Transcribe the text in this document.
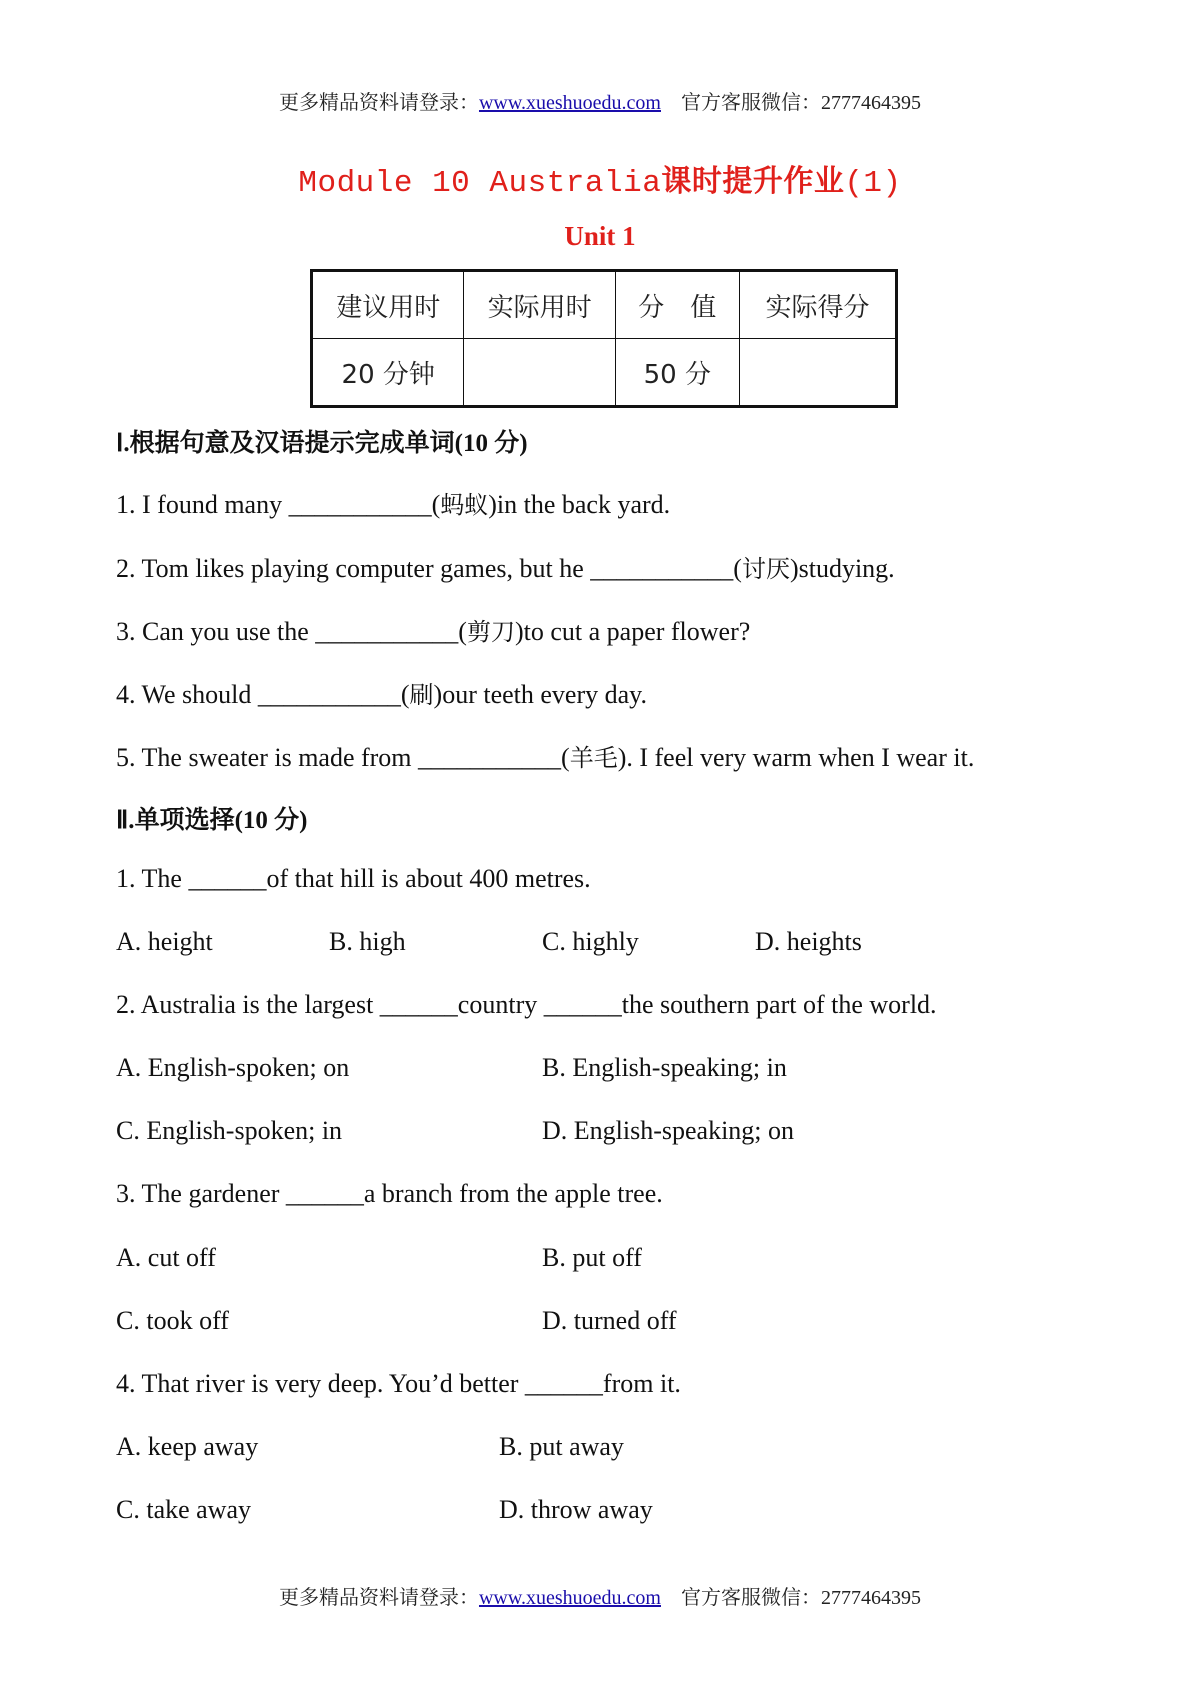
更多精品资料请登录：www.xueshuoedu.com 官方客服微信：2777464395
Module 10 Australia课时提升作业(1)
Unit 1
建议用时	实际用时	分　值	实际得分
20 分钟		50 分	
Ⅰ.根据句意及汉语提示完成单词(10 分)
1. I found many ___________(蚂蚁)in the back yard.
2. Tom likes playing computer games, but he ___________(讨厌)studying.
3. Can you use the ___________(剪刀)to cut a paper flower?
4. We should ___________(刷)our teeth every day.
5. The sweater is made from ___________(羊毛). I feel very warm when I wear it.
Ⅱ.单项选择(10 分)
1. The ______of that hill is about 400 metres.
A. height	B. high	C. highly	D. heights
2. Australia is the largest ______country ______the southern part of the world.
A. English-spoken; on	B. English-speaking; in
C. English-spoken; in	D. English-speaking; on
3. The gardener ______a branch from the apple tree.
A. cut off	B. put off
C. took off	D. turned off
4. That river is very deep. You’d better ______from it.
A. keep away	B. put away
C. take away	D. throw away
更多精品资料请登录：www.xueshuoedu.com 官方客服微信：2777464395
